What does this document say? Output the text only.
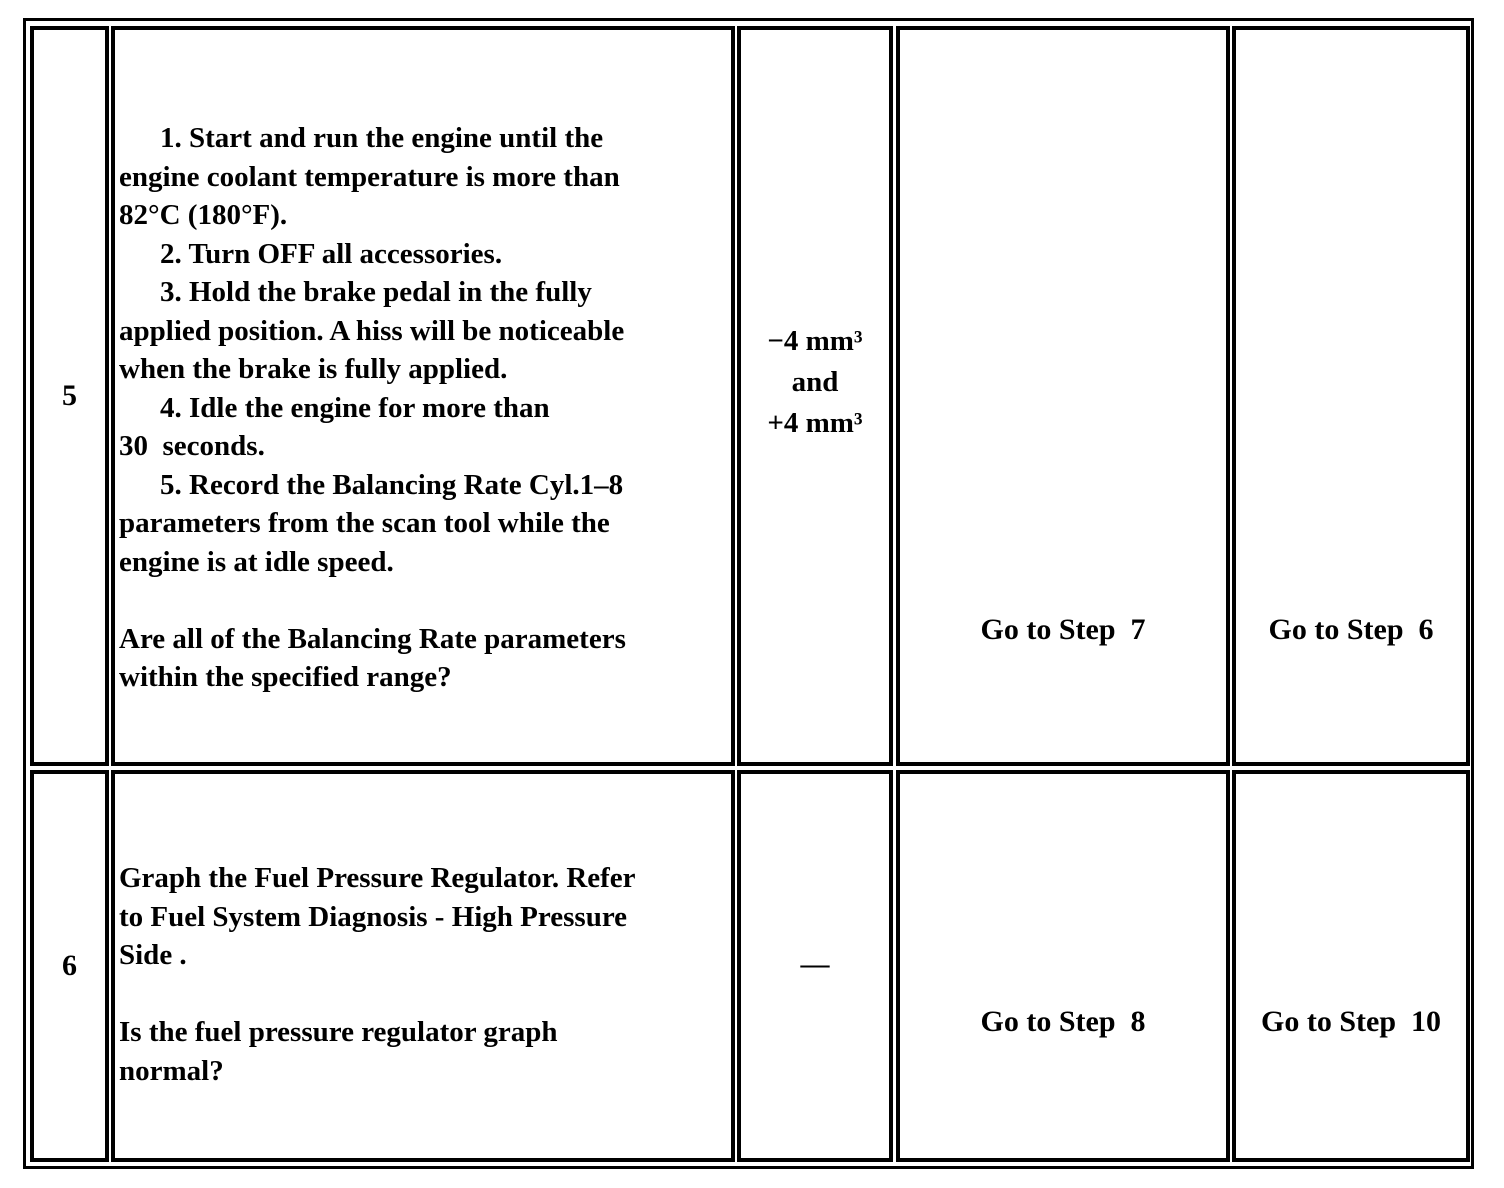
5
1. Start and run the engine until the
engine coolant temperature is more than
82°C (180°F).
2. Turn OFF all accessories.
3. Hold the brake pedal in the fully
applied position. A hiss will be noticeable
when the brake is fully applied.
4. Idle the engine for more than
30  seconds.
5. Record the Balancing Rate Cyl.1–8
parameters from the scan tool while the
engine is at idle speed.
Are all of the Balancing Rate parameters
within the specified range?
−4 mm³
and
+4 mm³
Go to Step  7	Go to Step  6
6
Graph the Fuel Pressure Regulator. Refer
to Fuel System Diagnosis - High Pressure
Side .
Is the fuel pressure regulator graph
normal?
—
Go to Step  8	Go to Step  10
